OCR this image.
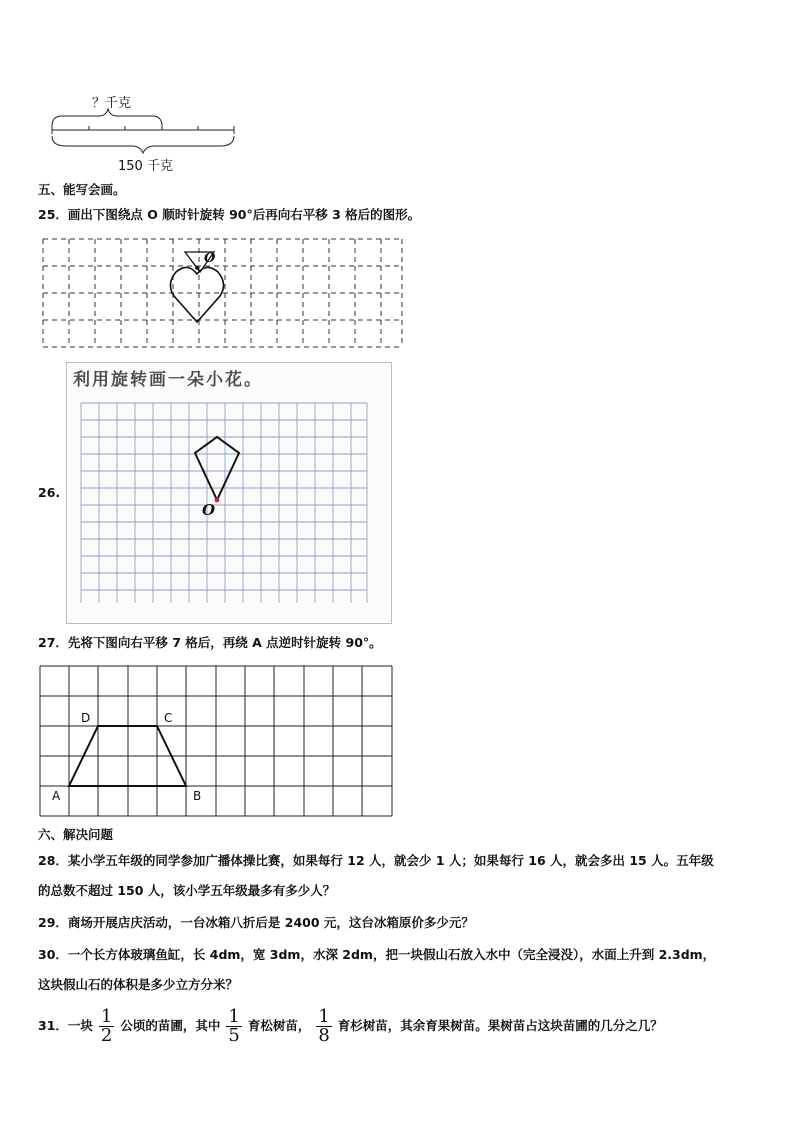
？千克
150 千克
五、能写会画。
25．画出下图绕点 O 顺时针旋转 90°后再向右平移 3 格后的图形。
O
26.
利用旋转画一朵小花。
O
27．先将下图向右平移 7 格后，再绕 A 点逆时针旋转 90°。
D	C
A	B
六、解决问题
28．某小学五年级的同学参加广播体操比赛，如果每行 12 人，就会少 1 人；如果每行 16 人，就会多出 15 人。五年级
的总数不超过 150 人，该小学五年级最多有多少人？
29．商场开展店庆活动，一台冰箱八折后是 2400 元，这台冰箱原价多少元？
30．一个长方体玻璃鱼缸，长 4dm，宽 3dm，水深 2dm，把一块假山石放入水中（完全浸没），水面上升到 2.3dm，
这块假山石的体积是多少立方分米？
31．一块 $\frac{1}{2}$ 公顷的苗圃，其中 $\frac{1}{5}$ 育松树苗， $\frac{1}{8}$ 育杉树苗，其余育果树苗。果树苗占这块苗圃的几分之几？
